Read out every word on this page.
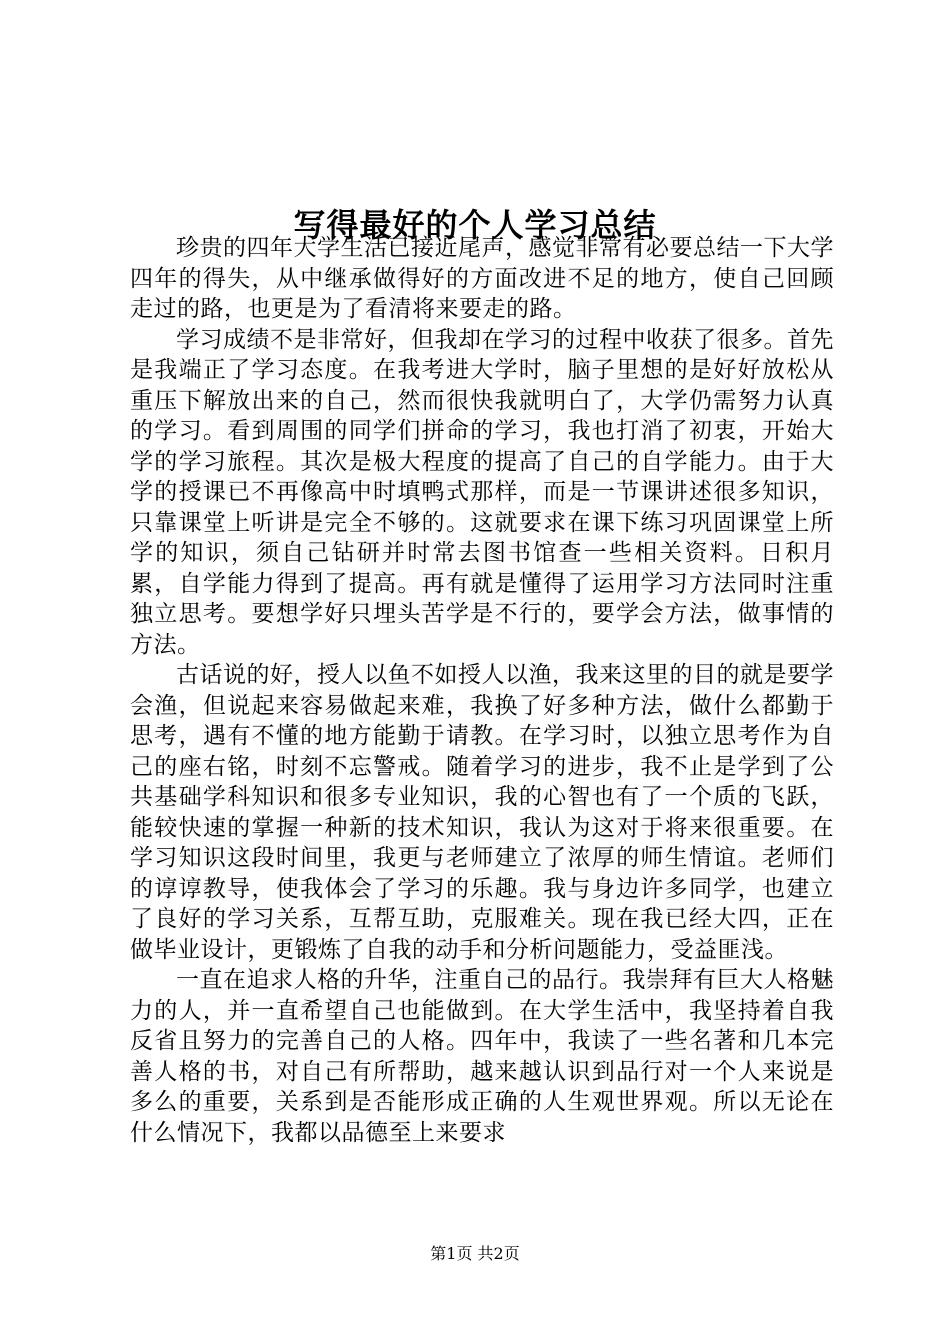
写得最好的个人学习总结

珍贵的四年大学生活已接近尾声，感觉非常有必要总结一下大学四年的得失，从中继承做得好的方面改进不足的地方，使自己回顾走过的路，也更是为了看清将来要走的路。

学习成绩不是非常好，但我却在学习的过程中收获了很多。首先是我端正了学习态度。在我考进大学时，脑子里想的是好好放松从重压下解放出来的自己，然而很快我就明白了，大学仍需努力认真的学习。看到周围的同学们拼命的学习，我也打消了初衷，开始大学的学习旅程。其次是极大程度的提高了自己的自学能力。由于大学的授课已不再像高中时填鸭式那样，而是一节课讲述很多知识，只靠课堂上听讲是完全不够的。这就要求在课下练习巩固课堂上所学的知识，须自己钻研并时常去图书馆查一些相关资料。日积月累，自学能力得到了提高。再有就是懂得了运用学习方法同时注重独立思考。要想学好只埋头苦学是不行的，要学会方法，做事情的方法。

古话说的好，授人以鱼不如授人以渔，我来这里的目的就是要学会渔，但说起来容易做起来难，我换了好多种方法，做什么都勤于思考，遇有不懂的地方能勤于请教。在学习时，以独立思考作为自己的座右铭，时刻不忘警戒。随着学习的进步，我不止是学到了公共基础学科知识和很多专业知识，我的心智也有了一个质的飞跃，能较快速的掌握一种新的技术知识，我认为这对于将来很重要。在学习知识这段时间里，我更与老师建立了浓厚的师生情谊。老师们的谆谆教导，使我体会了学习的乐趣。我与身边许多同学，也建立了良好的学习关系，互帮互助，克服难关。现在我已经大四，正在做毕业设计，更锻炼了自我的动手和分析问题能力，受益匪浅。

一直在追求人格的升华，注重自己的品行。我崇拜有巨大人格魅力的人，并一直希望自己也能做到。在大学生活中，我坚持着自我反省且努力的完善自己的人格。四年中，我读了一些名著和几本完善人格的书，对自己有所帮助，越来越认识到品行对一个人来说是多么的重要，关系到是否能形成正确的人生观世界观。所以无论在什么情况下，我都以品德至上来要求

第1页 共2页
